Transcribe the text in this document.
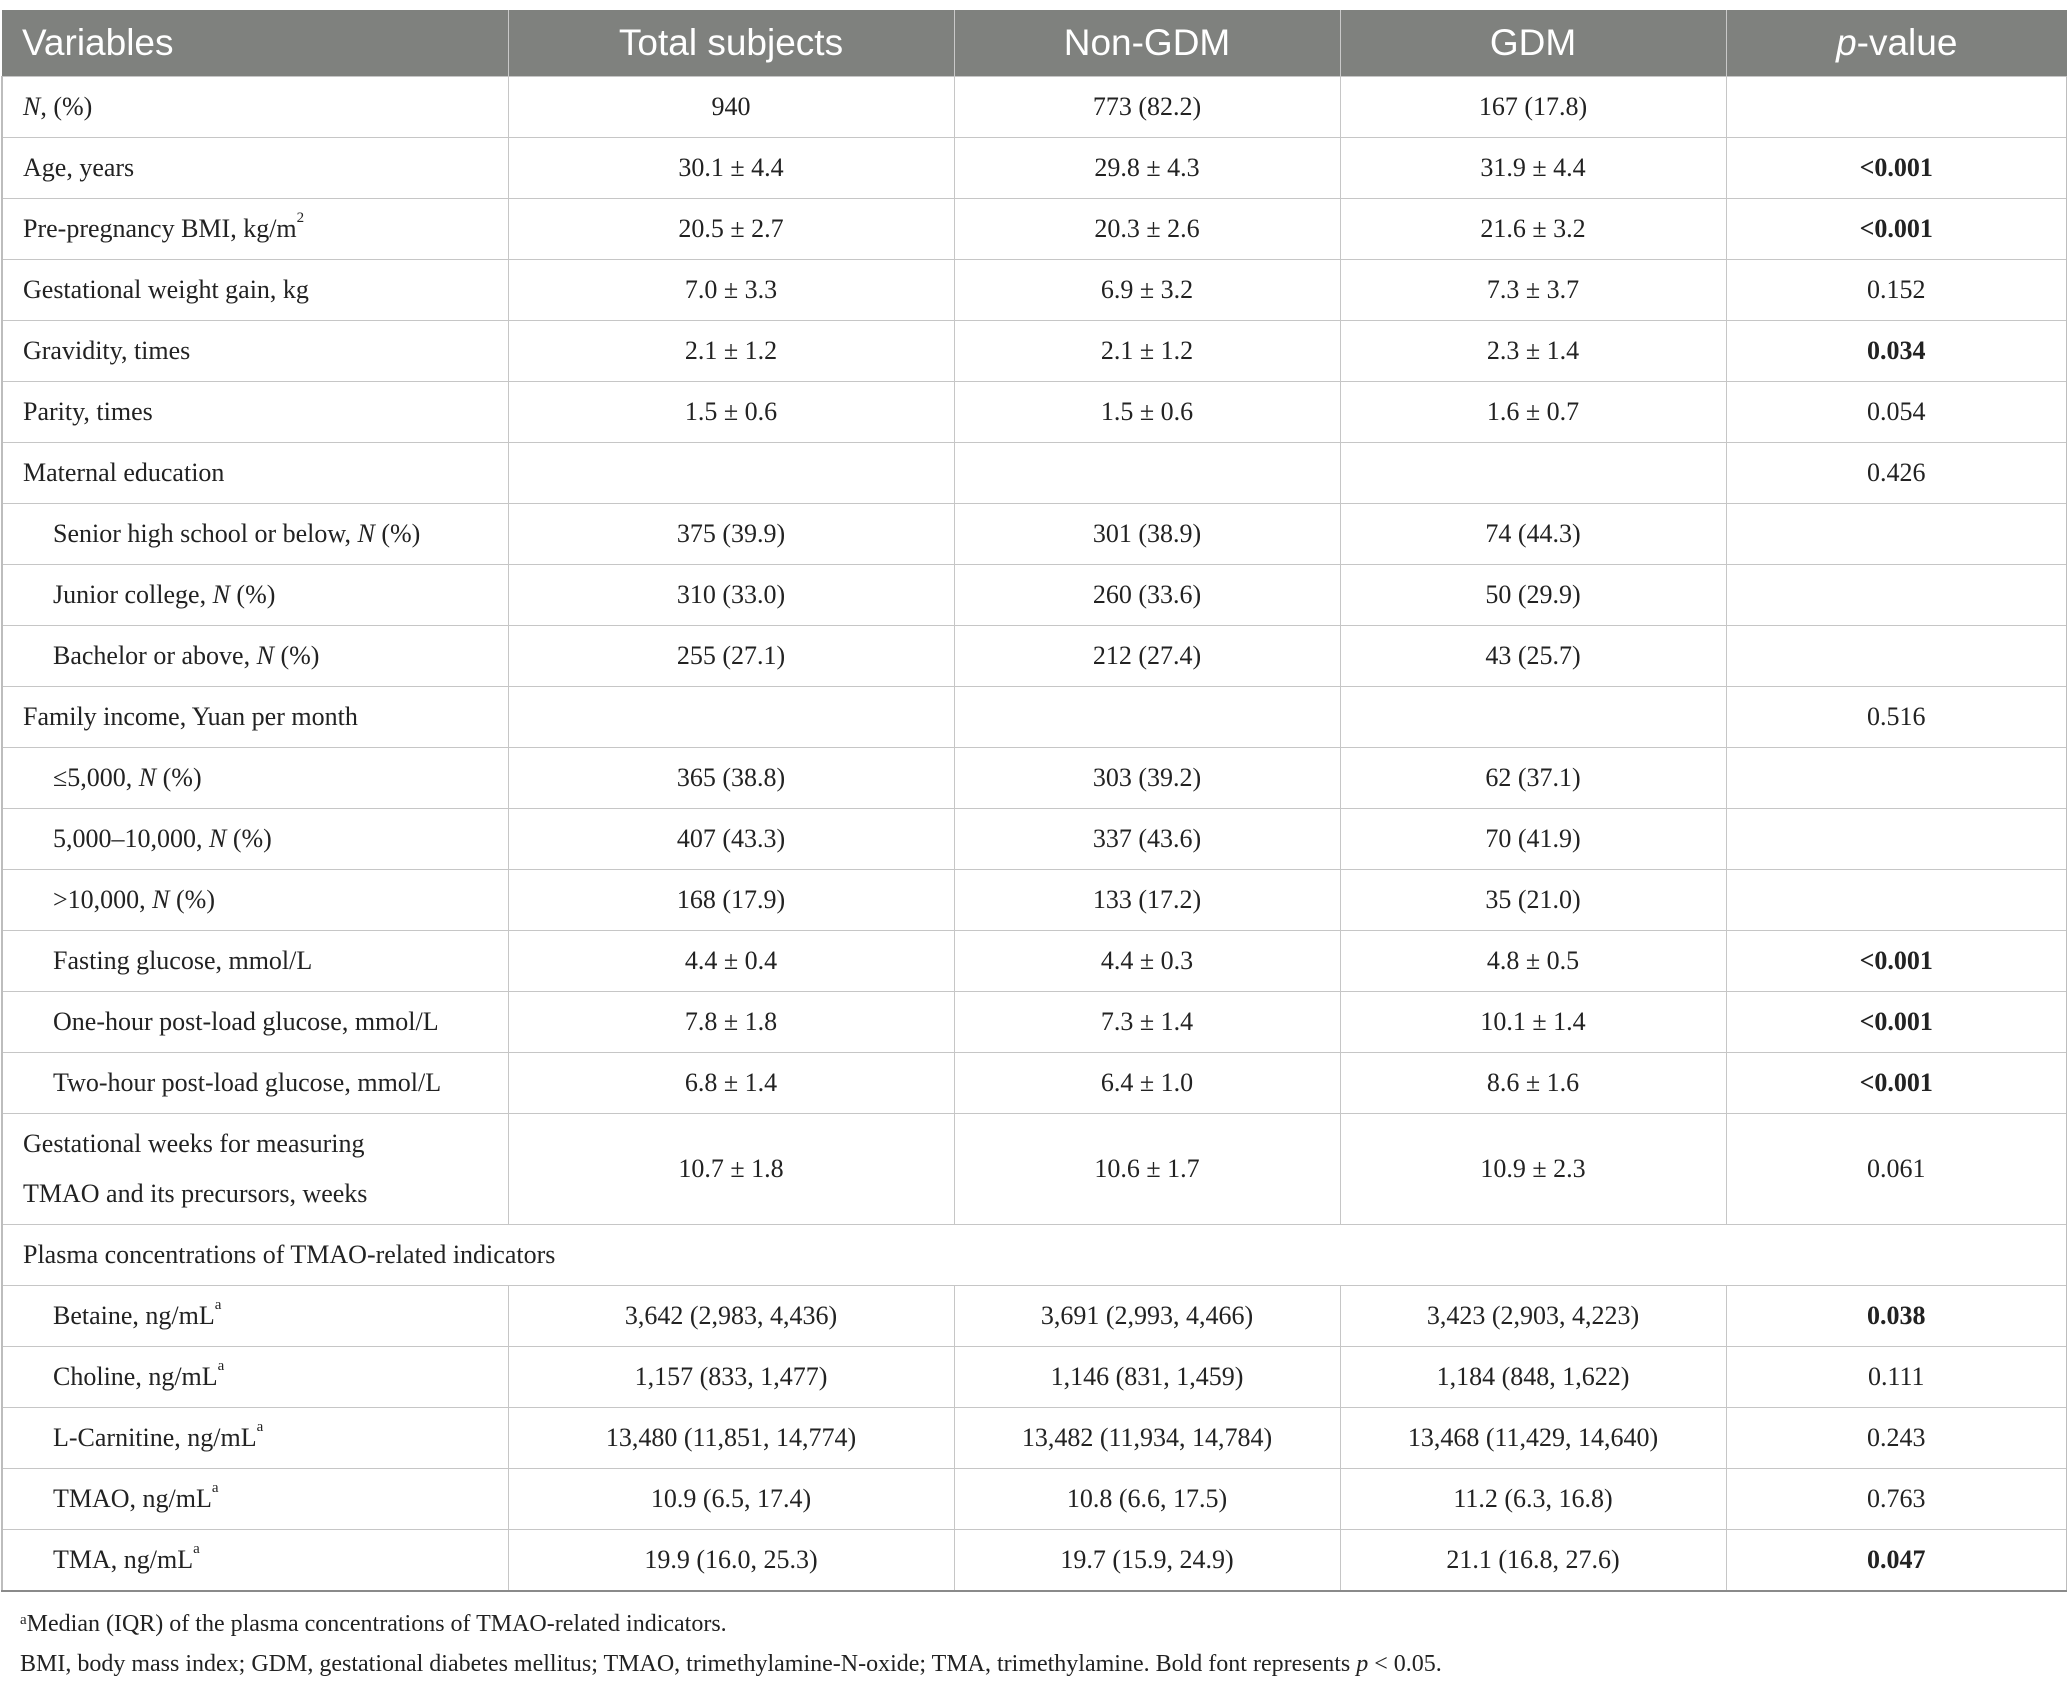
Variables	Total subjects	Non-GDM	GDM	p-value
N, (%)	940	773 (82.2)	167 (17.8)	
Age, years	30.1 ± 4.4	29.8 ± 4.3	31.9 ± 4.4	<0.001
Pre-pregnancy BMI, $kg/m^2$	20.5 ± 2.7	20.3 ± 2.6	21.6 ± 3.2	<0.001
Gestational weight gain, kg	7.0 ± 3.3	6.9 ± 3.2	7.3 ± 3.7	0.152
Gravidity, times	2.1 ± 1.2	2.1 ± 1.2	2.3 ± 1.4	0.034
Parity, times	1.5 ± 0.6	1.5 ± 0.6	1.6 ± 0.7	0.054
Maternal education				0.426
Senior high school or below, N (%)	375 (39.9)	301 (38.9)	74 (44.3)	
Junior college, N (%)	310 (33.0)	260 (33.6)	50 (29.9)	
Bachelor or above, N (%)	255 (27.1)	212 (27.4)	43 (25.7)	
Family income, Yuan per month				0.516
≤5,000, N (%)	365 (38.8)	303 (39.2)	62 (37.1)	
5,000–10,000, N (%)	407 (43.3)	337 (43.6)	70 (41.9)	
>10,000, N (%)	168 (17.9)	133 (17.2)	35 (21.0)	
Fasting glucose, mmol/L	4.4 ± 0.4	4.4 ± 0.3	4.8 ± 0.5	<0.001
One-hour post-load glucose, mmol/L	7.8 ± 1.8	7.3 ± 1.4	10.1 ± 1.4	<0.001
Two-hour post-load glucose, mmol/L	6.8 ± 1.4	6.4 ± 1.0	8.6 ± 1.6	<0.001
Gestational weeks for measuring
TMAO and its precursors, weeks	10.7 ± 1.8	10.6 ± 1.7	10.9 ± 2.3	0.061
Plasma concentrations of TMAO-related indicators				
Betaine, $ng/mL^a$	3,642 (2,983, 4,436)	3,691 (2,993, 4,466)	3,423 (2,903, 4,223)	0.038
Choline, $ng/mL^a$	1,157 (833, 1,477)	1,146 (831, 1,459)	1,184 (848, 1,622)	0.111
L-Carnitine, $ng/mL^a$	13,480 (11,851, 14,774)	13,482 (11,934, 14,784)	13,468 (11,429, 14,640)	0.243
TMAO, $ng/mL^a$	10.9 (6.5, 17.4)	10.8 (6.6, 17.5)	11.2 (6.3, 16.8)	0.763
TMA, $ng/mL^a$	19.9 (16.0, 25.3)	19.7 (15.9, 24.9)	21.1 (16.8, 27.6)	0.047

$^a$Median (IQR) of the plasma concentrations of TMAO-related indicators.

BMI, body mass index; GDM, gestational diabetes mellitus; TMAO, trimethylamine-N-oxide; TMA, trimethylamine. Bold font represents p < 0.05.
